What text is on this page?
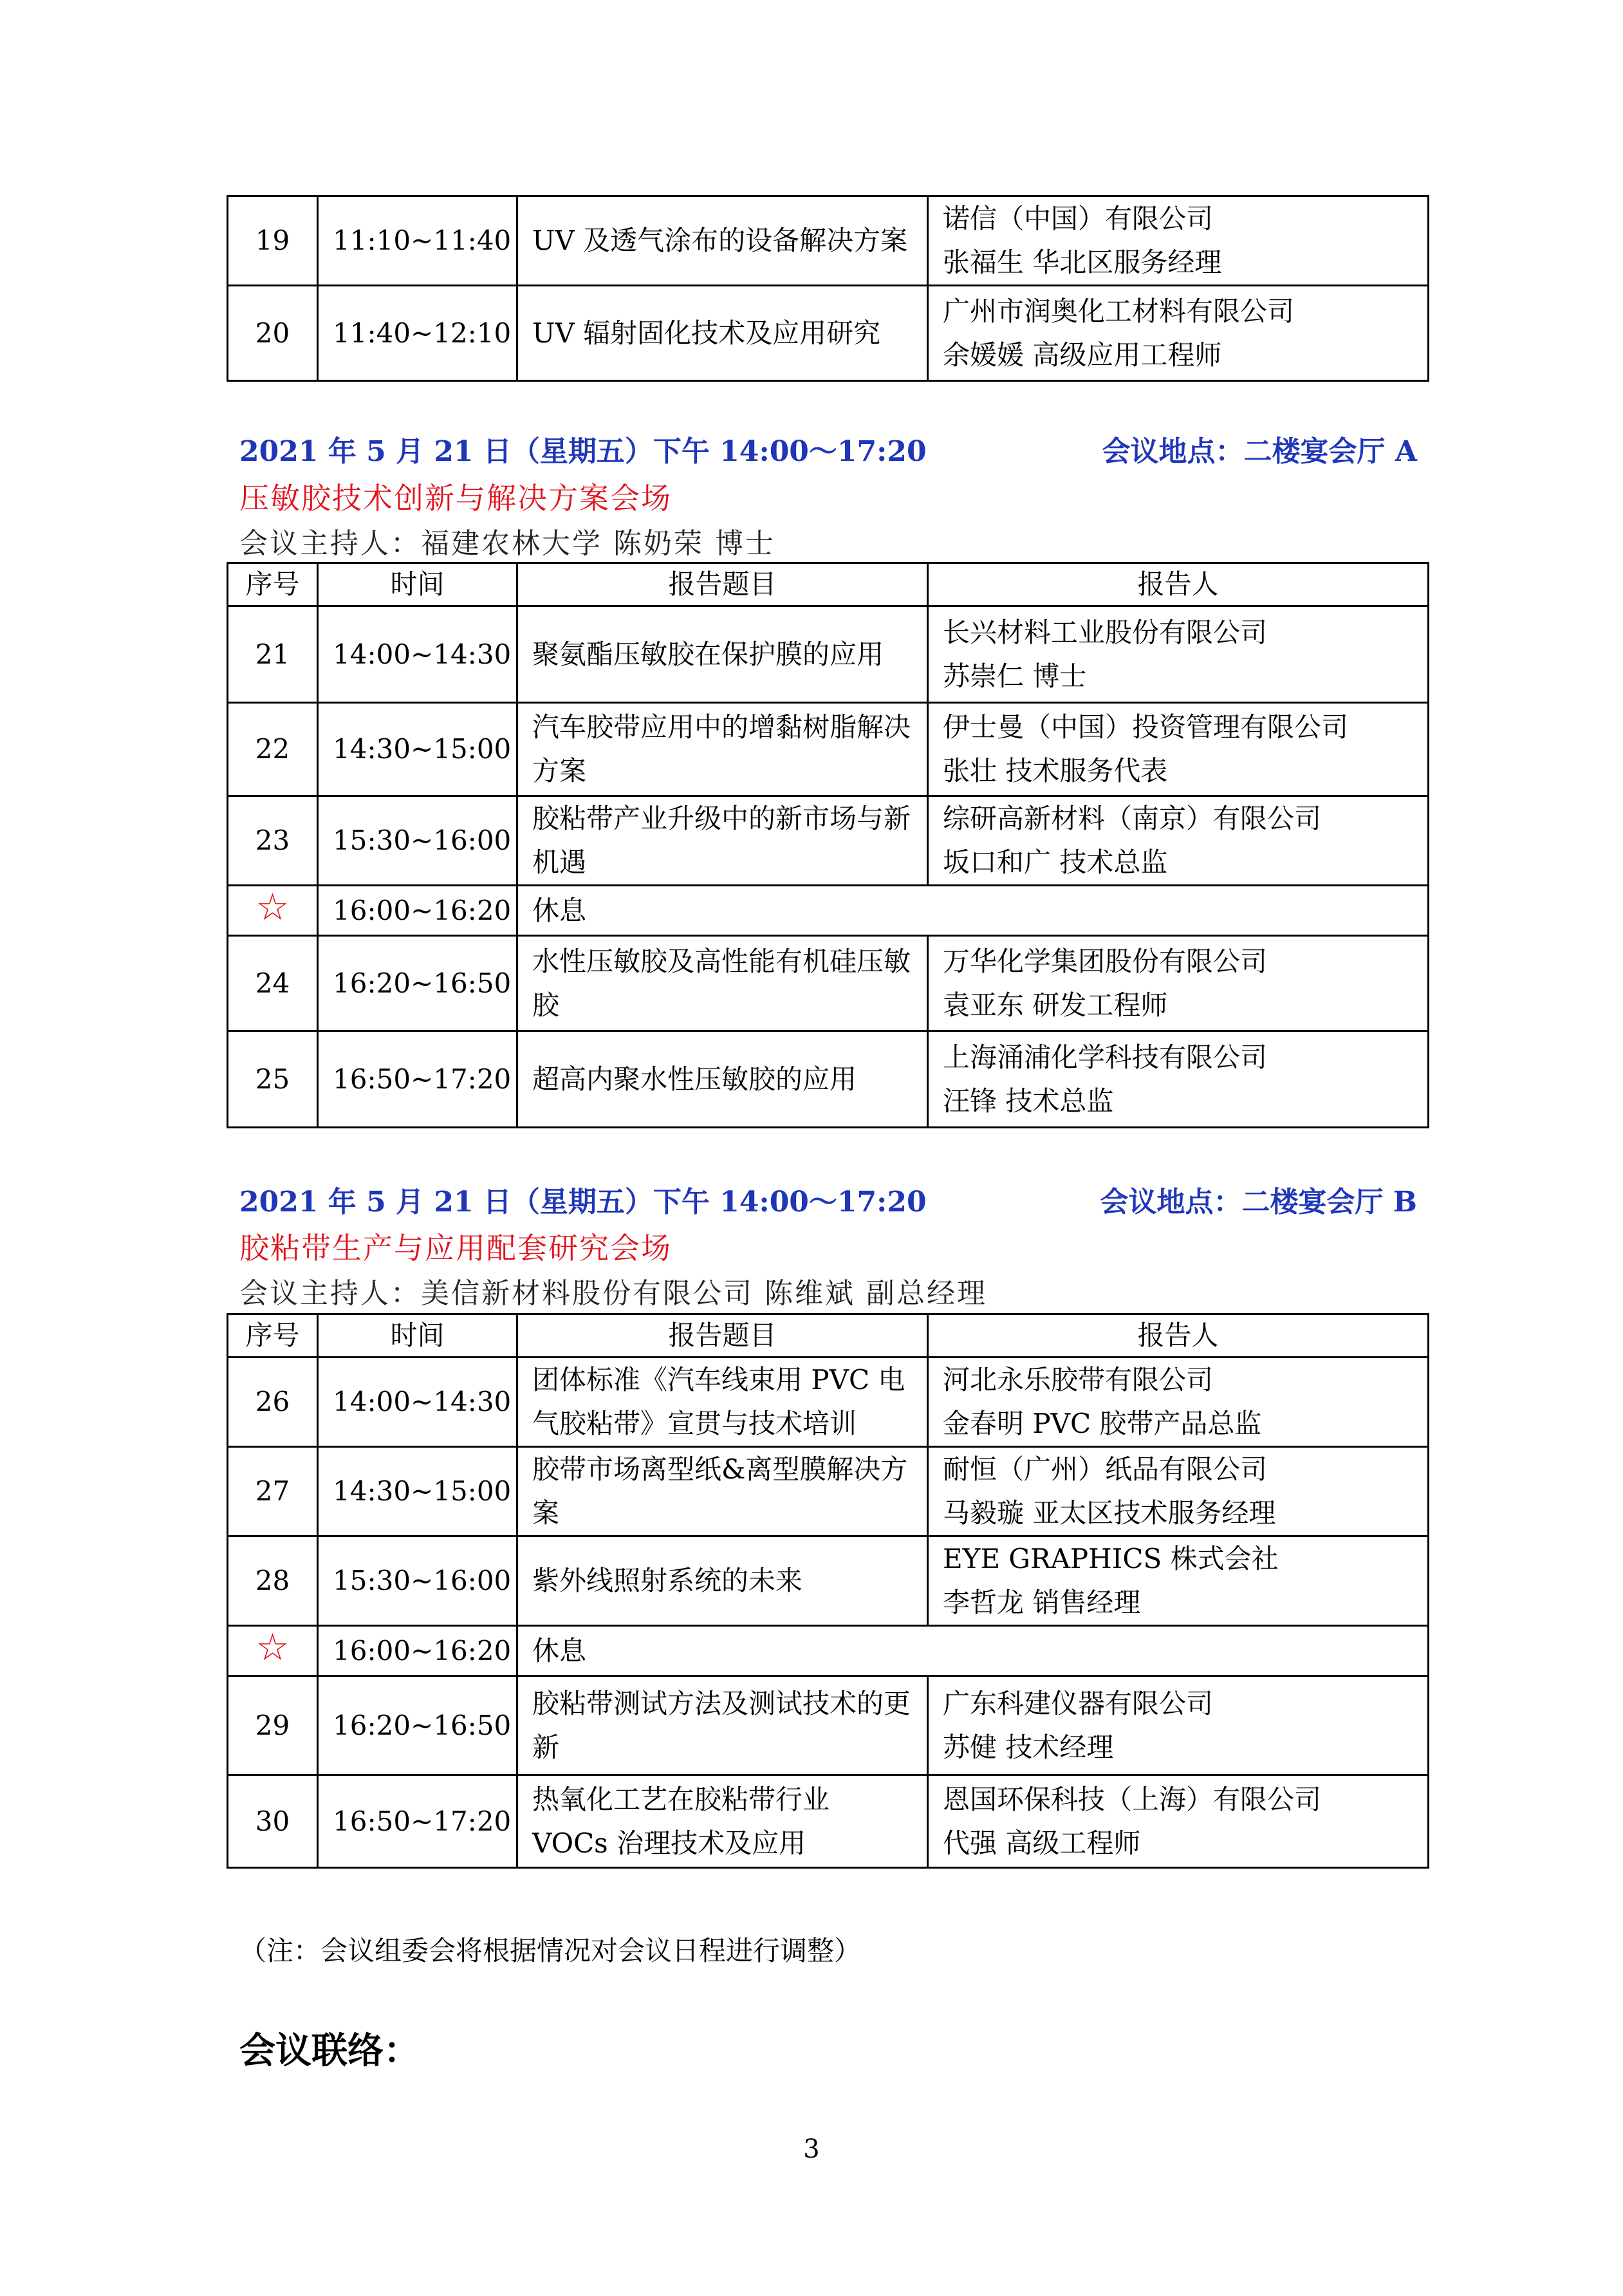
19	11:10~11:40	UV 及透气涂布的设备解决方案	诺信（中国）有限公司
张福生 华北区服务经理

20	11:40~12:10	UV 辐射固化技术及应用研究	广州市润奥化工材料有限公司
余媛媛 高级应用工程师
2021 年 5 月 21 日（星期五）下午 14:00～17:20	会议地点：二楼宴会厅 A
压敏胶技术创新与解决方案会场
会议主持人：福建农林大学 陈奶荣 博士
序号	时间	报告题目	报告人
21	14:00~14:30	聚氨酯压敏胶在保护膜的应用	长兴材料工业股份有限公司
苏崇仁 博士

22	14:30~15:00	汽车胶带应用中的增黏树脂解决方案	伊士曼（中国）投资管理有限公司
张壮 技术服务代表

23	15:30~16:00	胶粘带产业升级中的新市场与新机遇	综研高新材料（南京）有限公司
坂口和广 技术总监

☆	16:00~16:20	休息	
24	16:20~16:50	水性压敏胶及高性能有机硅压敏胶	万华化学集团股份有限公司
袁亚东 研发工程师

25	16:50~17:20	超高内聚水性压敏胶的应用	上海涌浦化学科技有限公司
汪锋 技术总监
2021 年 5 月 21 日（星期五）下午 14:00～17:20	会议地点：二楼宴会厅 B
胶粘带生产与应用配套研究会场
会议主持人：美信新材料股份有限公司 陈维斌 副总经理
序号	时间	报告题目	报告人
26	14:00~14:30	团体标准《汽车线束用 PVC 电气胶粘带》宣贯与技术培训	河北永乐胶带有限公司
金春明 PVC 胶带产品总监

27	14:30~15:00	胶带市场离型纸&离型膜解决方案	耐恒（广州）纸品有限公司
马毅璇 亚太区技术服务经理

28	15:30~16:00	紫外线照射系统的未来	EYE GRAPHICS 株式会社
李哲龙 销售经理

☆	16:00~16:20	休息	
29	16:20~16:50	胶粘带测试方法及测试技术的更新	广东科建仪器有限公司
苏健 技术经理

30	16:50~17:20	热氧化工艺在胶粘带行业 VOCs 治理技术及应用	恩国环保科技（上海）有限公司
代强 高级工程师
（注：会议组委会将根据情况对会议日程进行调整）
会议联络：
3
